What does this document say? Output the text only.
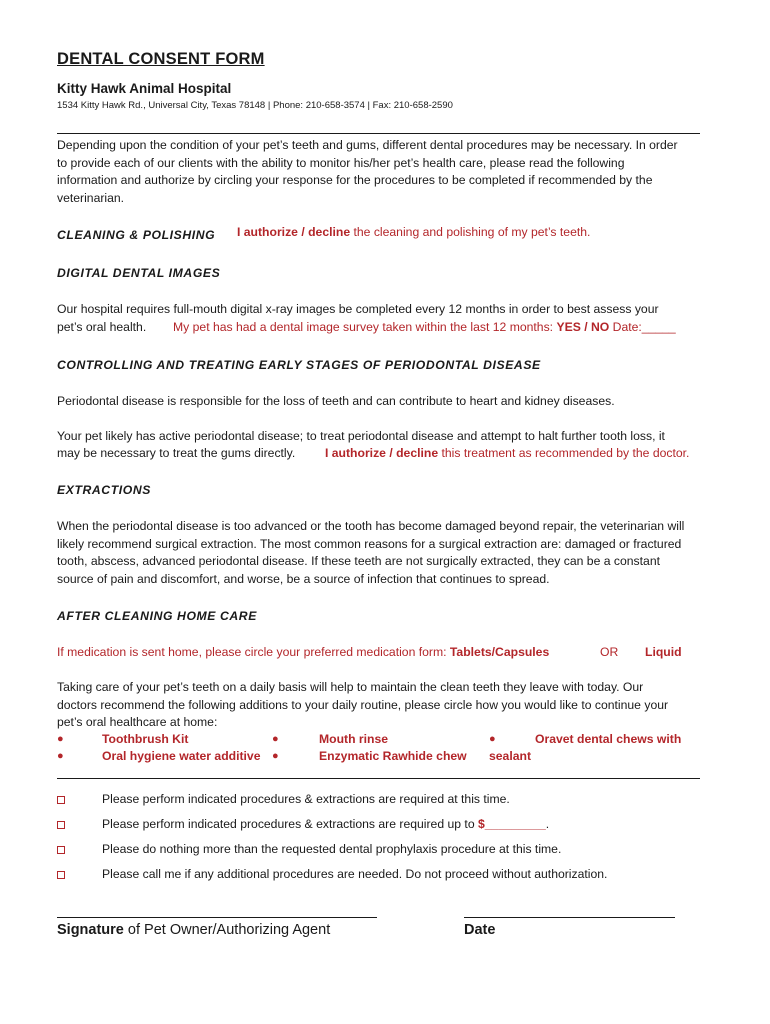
DENTAL CONSENT FORM
Kitty Hawk Animal Hospital
1534 Kitty Hawk Rd., Universal City, Texas 78148 | Phone: 210-658-3574 | Fax: 210-658-2590
Depending upon the condition of your pet’s teeth and gums, different dental procedures may be necessary. In order
to provide each of our clients with the ability to monitor his/her pet’s health care, please read the following
information and authorize by circling your response for the procedures to be completed if recommended by the
veterinarian.
CLEANING & POLISHING I authorize / decline the cleaning and polishing of my pet’s teeth.
DIGITAL DENTAL IMAGES
Our hospital requires full-mouth digital x-ray images be completed every 12 months in order to best assess your
pet’s oral health. My pet has had a dental image survey taken within the last 12 months: YES / NO Date:_____
CONTROLLING AND TREATING EARLY STAGES OF PERIODONTAL DISEASE
Periodontal disease is responsible for the loss of teeth and can contribute to heart and kidney diseases.
Your pet likely has active periodontal disease; to treat periodontal disease and attempt to halt further tooth loss, it
may be necessary to treat the gums directly. I authorize / decline this treatment as recommended by the doctor.
EXTRACTIONS
When the periodontal disease is too advanced or the tooth has become damaged beyond repair, the veterinarian will
likely recommend surgical extraction. The most common reasons for a surgical extraction are: damaged or fractured
tooth, abscess, advanced periodontal disease. If these teeth are not surgically extracted, they can be a constant
source of pain and discomfort, and worse, be a source of infection that continues to spread.
AFTER CLEANING HOME CARE
If medication is sent home, please circle your preferred medication form: Tablets/Capsules	OR Liquid
Taking care of your pet’s teeth on a daily basis will help to maintain the clean teeth they leave with today. Our
doctors recommend the following additions to your daily routine, please circle how you would like to continue your
pet’s oral healthcare at home:
●	Toothbrush Kit	●	Mouth rinse	●	Oravet dental chews with
●	Oral hygiene water additive ●	Enzymatic Rawhide chew sealant
Please perform indicated procedures & extractions are required at this time.
Please perform indicated procedures & extractions are required up to $_________.
Please do nothing more than the requested dental prophylaxis procedure at this time.
Please call me if any additional procedures are needed. Do not proceed without authorization.
Signature of Pet Owner/Authorizing Agent	Date
